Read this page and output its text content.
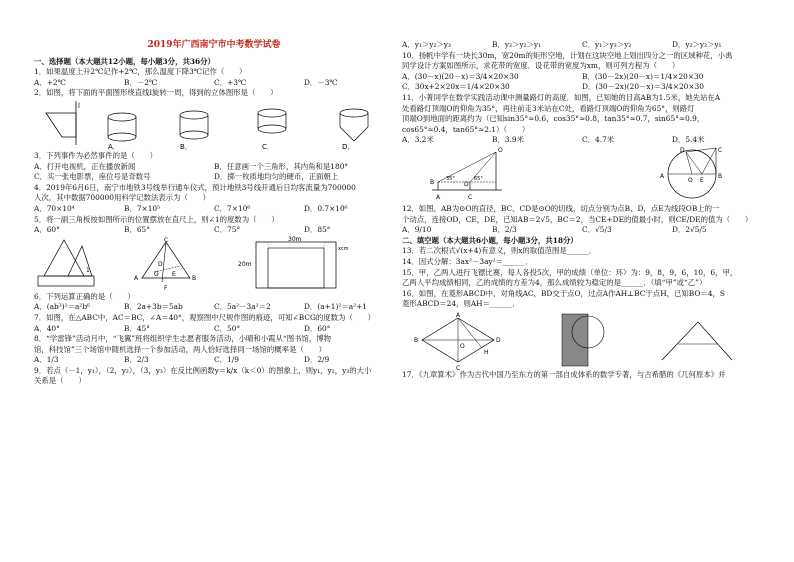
2019年广西南宁市中考数学试卷
一、选择题（本大题共12小题，每小题3分，共36分）
1．如果温度上升2℃记作+2℃，那么温度下降3℃记作（　　）
A．+2℃	B．－2℃	C．+3℃	D．－3℃
2．如图，将下面的平面图形绕直线l旋转一周，得到的立体图形是（　　）
l
A．	B．	C．	D．
3．下列事件为必然事件的是（　　）
A．打开电视机，正在播放新闻	B．任意画一个三角形，其内角和是180°
C．买一张电影票，座位号是奇数号	D．掷一枚质地均匀的硬币，正面朝上
4．2019年6月6日，南宁市地铁3号线举行通车仪式，预计地铁3号线开通后日均客流量为700000
人次，其中数据700000用科学记数法表示为（　　）
A．70×10⁴	B．7×10⁵	C．7×10⁶	D．0.7×10⁶
5．将一副三角板按如图所示的位置摆放在直尺上，则∠1的度数为（　　）
A．60°	B．65°	C．75°	D．85°
1
C
A
D
B
G E
F
30m
20m
xcm
6．下列运算正确的是（　　）
A．(ab³)²＝a²b⁶	B．2a+3b＝5ab	C．5a²－3a²＝2	D．(a+1)²＝a²+1
7．如图，在△ABC中，AC＝BC，∠A＝40°，观察图中尺规作图的痕迹，可知∠BCG的度数为（　　）
A．40°	B．45°	C．50°	D．60°
8．“学雷锋”活动月中，“飞翼”班将组织学生志愿者服务活动，小晴和小霞从“图书馆，博物
馆，科技馆”三个场馆中随机选择一个参加活动，两人恰好选择同一场馆的概率是（　　）
A．1/3	B．2/3	C．1/9	D．2/9
9．若点（－1，y₁），（2，y₂），（3，y₃）在反比例函数y＝k/x（k＜0）的图象上，则y₁，y₂，y₃的大小
关系是（　　）
A．y₁＞y₂＞y₃	B．y₃＞y₂＞y₁	C．y₁＞y₃＞y₂	D．y₂＞y₃＞y₁
10．扬帆中学有一块长30m，宽20m的矩形空地，计划在这块空地上划出四分之一的区域种花，小禹
同学设计方案如图所示，求花带的宽度．设花带的宽度为xm，则可列方程为（　　）
A．(30－x)(20－x)＝3/4×20×30	B．(30－2x)(20－x)＝1/4×20×30
C．30x+2×20x＝1/4×20×30	D．(30－2x)(20－x)＝3/4×20×30
11．小菁同学在数学实践活动课中测量路灯的高度．如图，已知她的目高AB为1.5米，她先站在A
处看路灯顶端O的仰角为35°，再往前走3米站在C处，看路灯顶端O的仰角为65°，则路灯
顶端O到地面的距离约为（已知sin35°≈0.6，cos35°≈0.8，tan35°≈0.7，sin65°≈0.9，
cos65°≈0.4，tan65°≈2.1）（　　）
A．3.2米	B．3.9米	C．4.7米	D．5.4米
O
35°	65°
B	D
A	C
C
D
A
O E
B
12．如图，AB为⊙O的直径，BC、CD是⊙O的切线，切点分别为点B、D，点E为线段OB上的一
个动点，连接OD，CE，DE，已知AB＝2√5，BC＝2，当CE+DE的值最小时，则CE/DE的值为（　　）
A．9/10	B．2/3	C．√5/3	D．2√5/5
二、填空题（本大题共6小题，每小题3分，共18分）
13．若二次根式√(x+4)有意义，则x的取值范围是______．
14．因式分解：3ax²－3ay²＝______．
15．甲，乙两人进行飞镖比赛，每人各投5次，甲的成绩（单位：环）为：9，8，9，6，10，6，甲，
乙两人平均成绩相同，乙的成绩的方差为4，那么成绩较为稳定的是______．（填“甲”或“乙”）
16．如图，在菱形ABCD中，对角线AC，BD交于点O，过点A作AH⊥BC于点H，已知BO＝4，S
菱形ABCD＝24，则AH＝______．
A
D
B
O
C
H
17．《九章算术》作为古代中国乃至东方的第一部自成体系的数学专著，与古希腊的《几何原本》并
